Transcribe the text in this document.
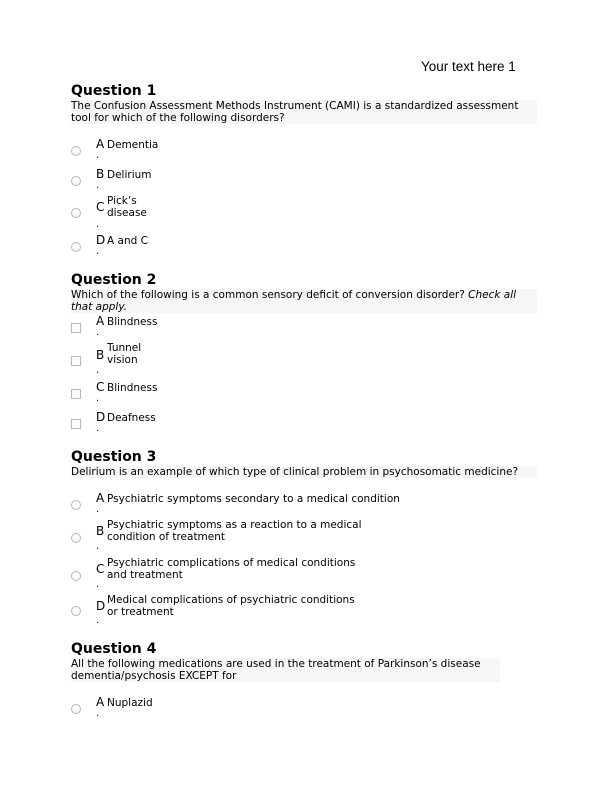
Your text here 1
Question 1
The Confusion Assessment Methods Instrument (CAMI) is a standardized assessment tool for which of the following disorders?
A Dementia
.
B Delirium
.
C Pick’s disease
.
D A and C
.
Question 2
Which of the following is a common sensory deficit of conversion disorder? Check all that apply.
A Blindness
.
B Tunnel vision
.
C Blindness
.
D Deafness
.
Question 3
Delirium is an example of which type of clinical problem in psychosomatic medicine?
A Psychiatric symptoms secondary to a medical condition
.
B Psychiatric symptoms as a reaction to a medical condition of treatment
.
C Psychiatric complications of medical conditions and treatment
.
D Medical complications of psychiatric conditions or treatment
.
Question 4
All the following medications are used in the treatment of Parkinson’s disease dementia/psychosis EXCEPT for
A Nuplazid
.
